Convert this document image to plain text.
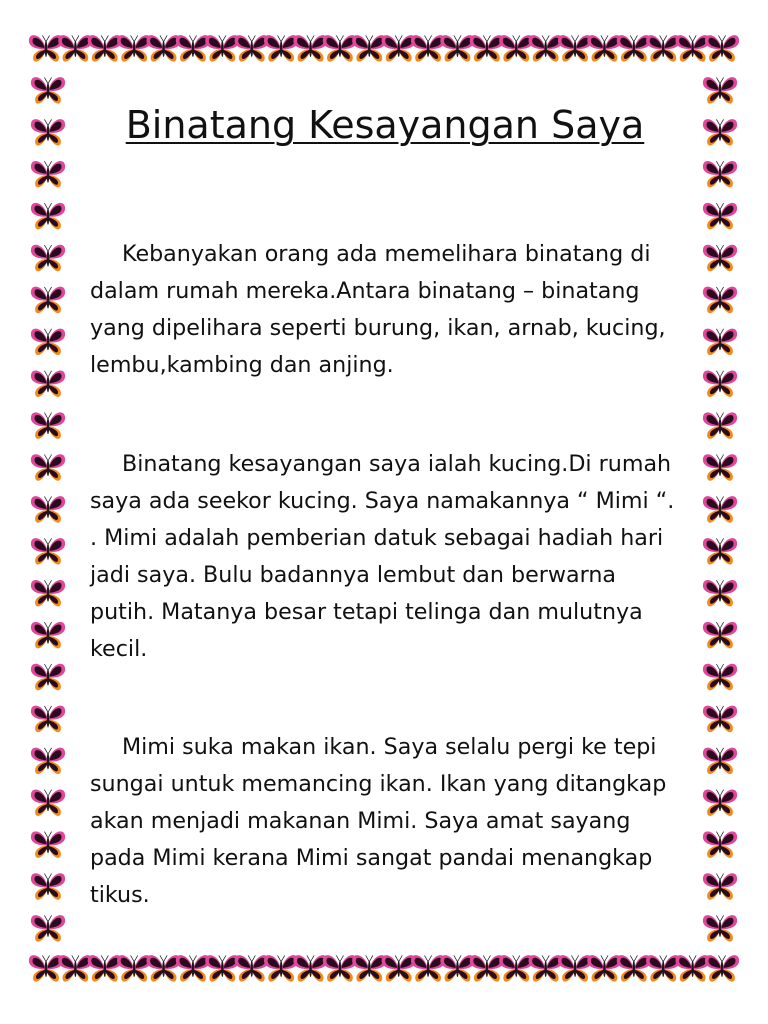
Binatang Kesayangan Saya

Kebanyakan orang ada memelihara binatang di
dalam rumah mereka.Antara binatang – binatang
yang dipelihara seperti burung, ikan, arnab, kucing,
lembu,kambing dan anjing.

Binatang kesayangan saya ialah kucing.Di rumah
saya ada seekor kucing. Saya namakannya “ Mimi “.
. Mimi adalah pemberian datuk sebagai hadiah hari
jadi saya. Bulu badannya lembut dan berwarna
putih. Matanya besar tetapi telinga dan mulutnya
kecil.

Mimi suka makan ikan. Saya selalu pergi ke tepi
sungai untuk memancing ikan. Ikan yang ditangkap
akan menjadi makanan Mimi. Saya amat sayang
pada Mimi kerana Mimi sangat pandai menangkap
tikus.
